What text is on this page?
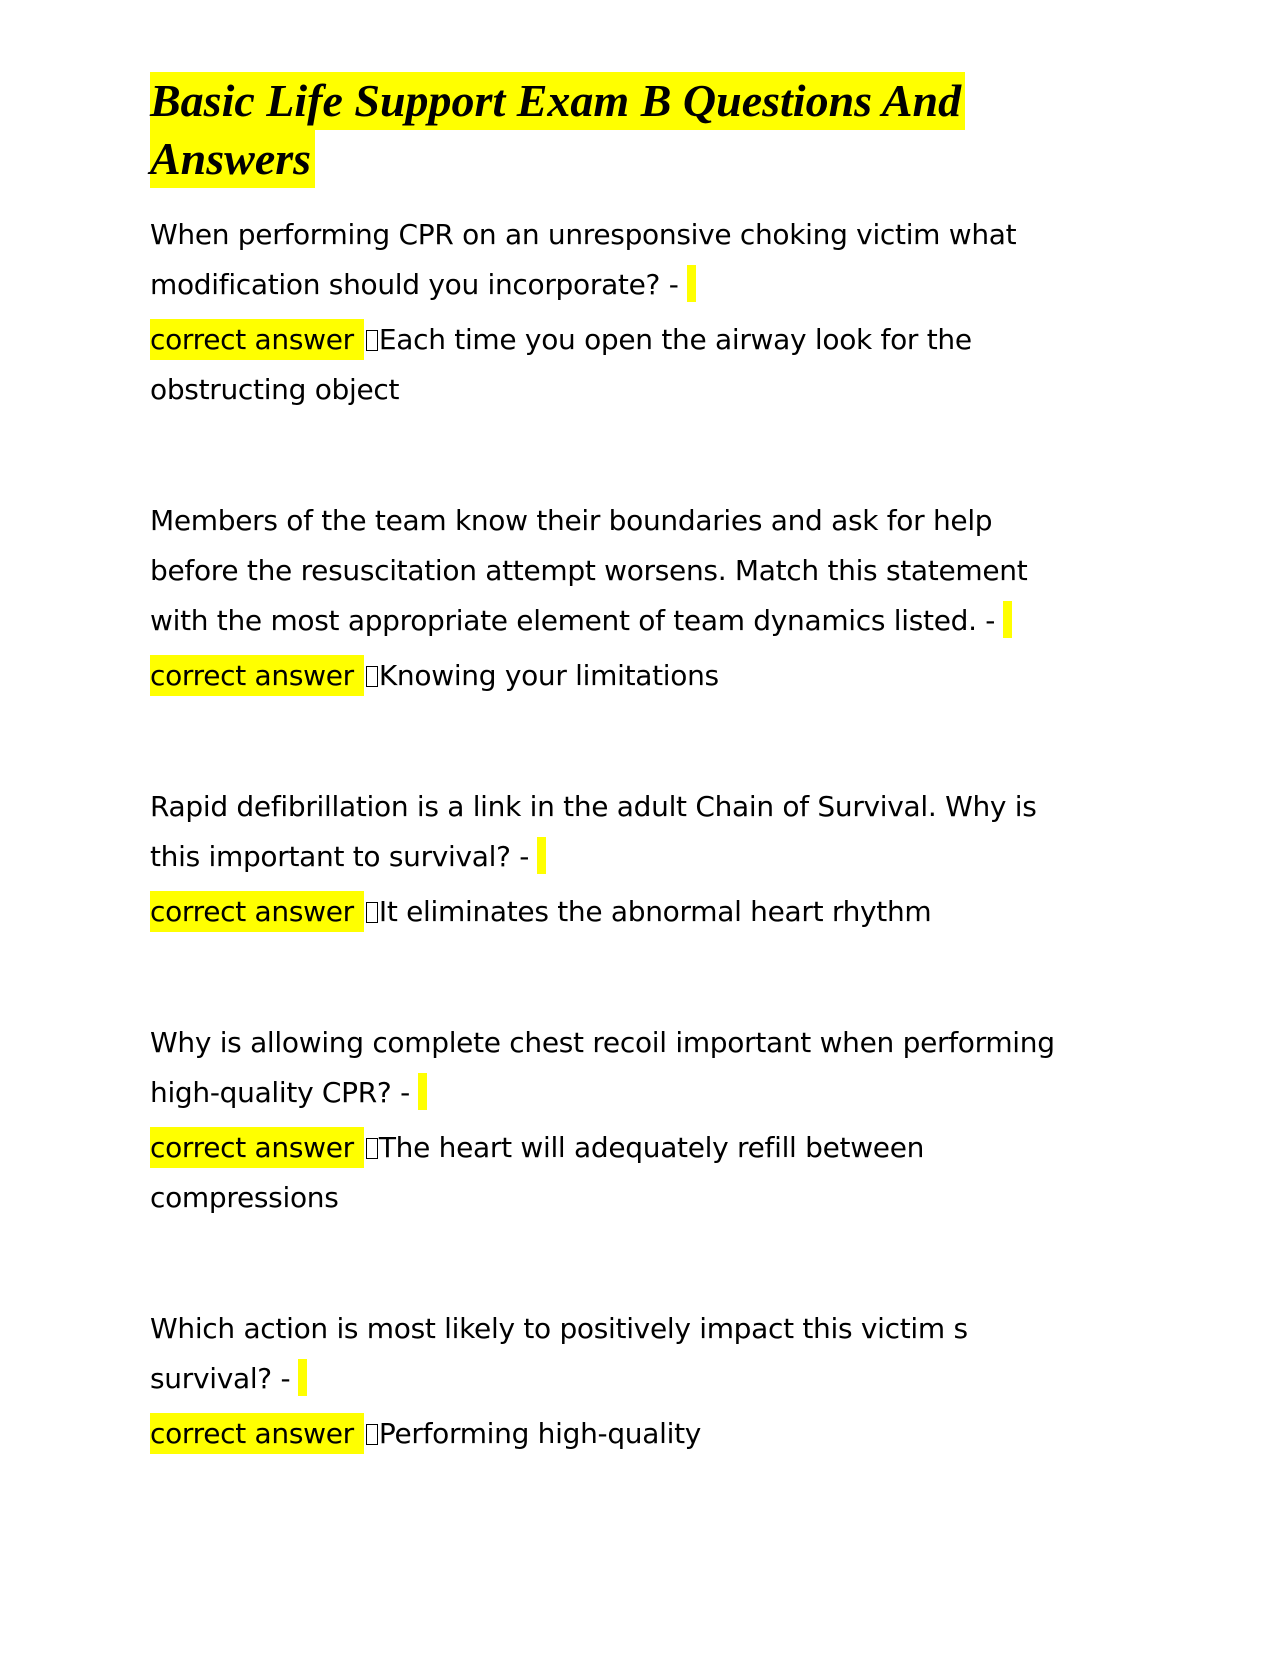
Basic Life Support Exam B Questions And
Answers

When performing CPR on an unresponsive choking victim what
modification should you incorporate? -

correct answer Each time you open the airway look for the
obstructing object

Members of the team know their boundaries and ask for help
before the resuscitation attempt worsens. Match this statement
with the most appropriate element of team dynamics listed. -

correct answer Knowing your limitations

Rapid defibrillation is a link in the adult Chain of Survival. Why is
this important to survival? -

correct answer It eliminates the abnormal heart rhythm

Why is allowing complete chest recoil important when performing
high-quality CPR? -

correct answer The heart will adequately refill between
compressions

Which action is most likely to positively impact this victim s
survival? -

correct answer Performing high-quality
